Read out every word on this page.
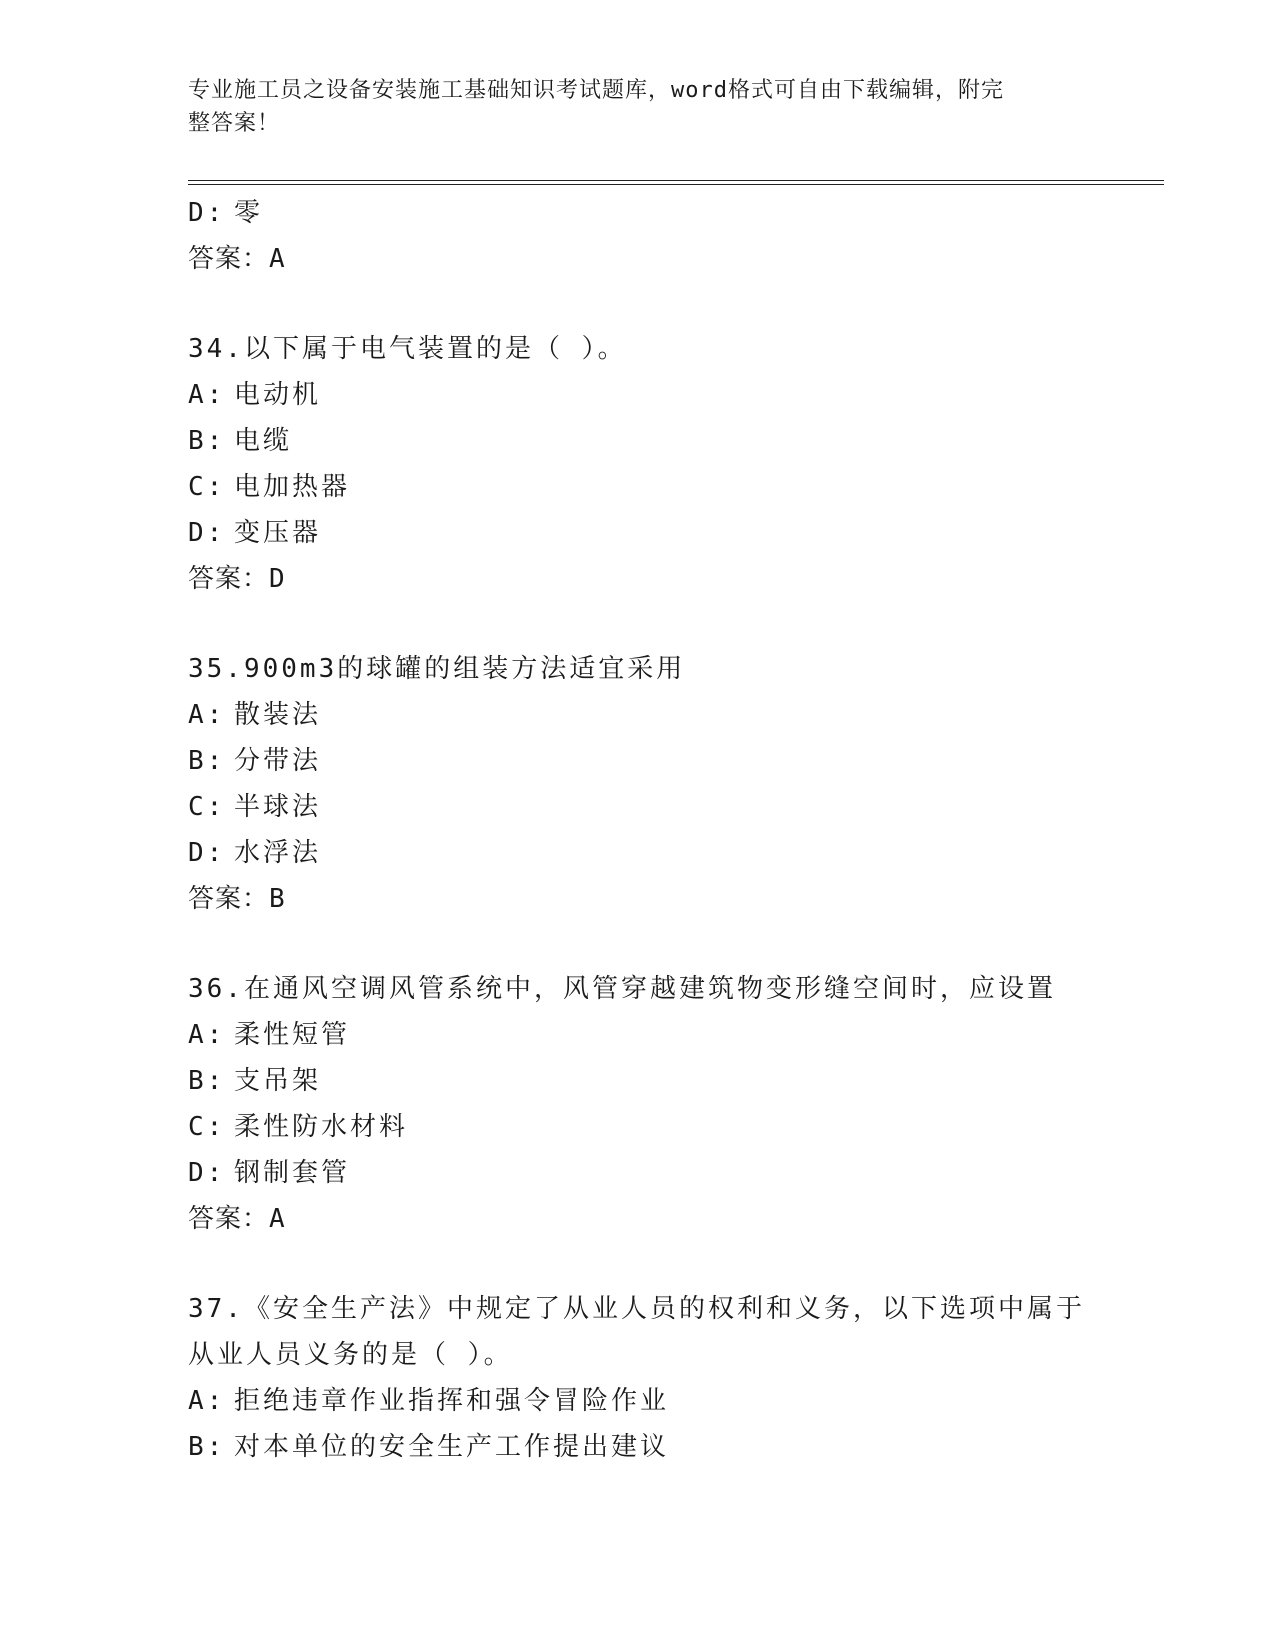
专业施工员之设备安装施工基础知识考试题库，word格式可自由下载编辑，附完
整答案！
D: 零
答案：A
34.以下属于电气装置的是（ ）。
A: 电动机
B: 电缆
C: 电加热器
D: 变压器
答案：D
35.900m3的球罐的组装方法适宜采用
A: 散装法
B: 分带法
C: 半球法
D: 水浮法
答案：B
36.在通风空调风管系统中，风管穿越建筑物变形缝空间时，应设置
A: 柔性短管
B: 支吊架
C: 柔性防水材料
D: 钢制套管
答案：A
37.《安全生产法》中规定了从业人员的权利和义务，以下选项中属于
从业人员义务的是（ ）。
A: 拒绝违章作业指挥和强令冒险作业
B: 对本单位的安全生产工作提出建议
